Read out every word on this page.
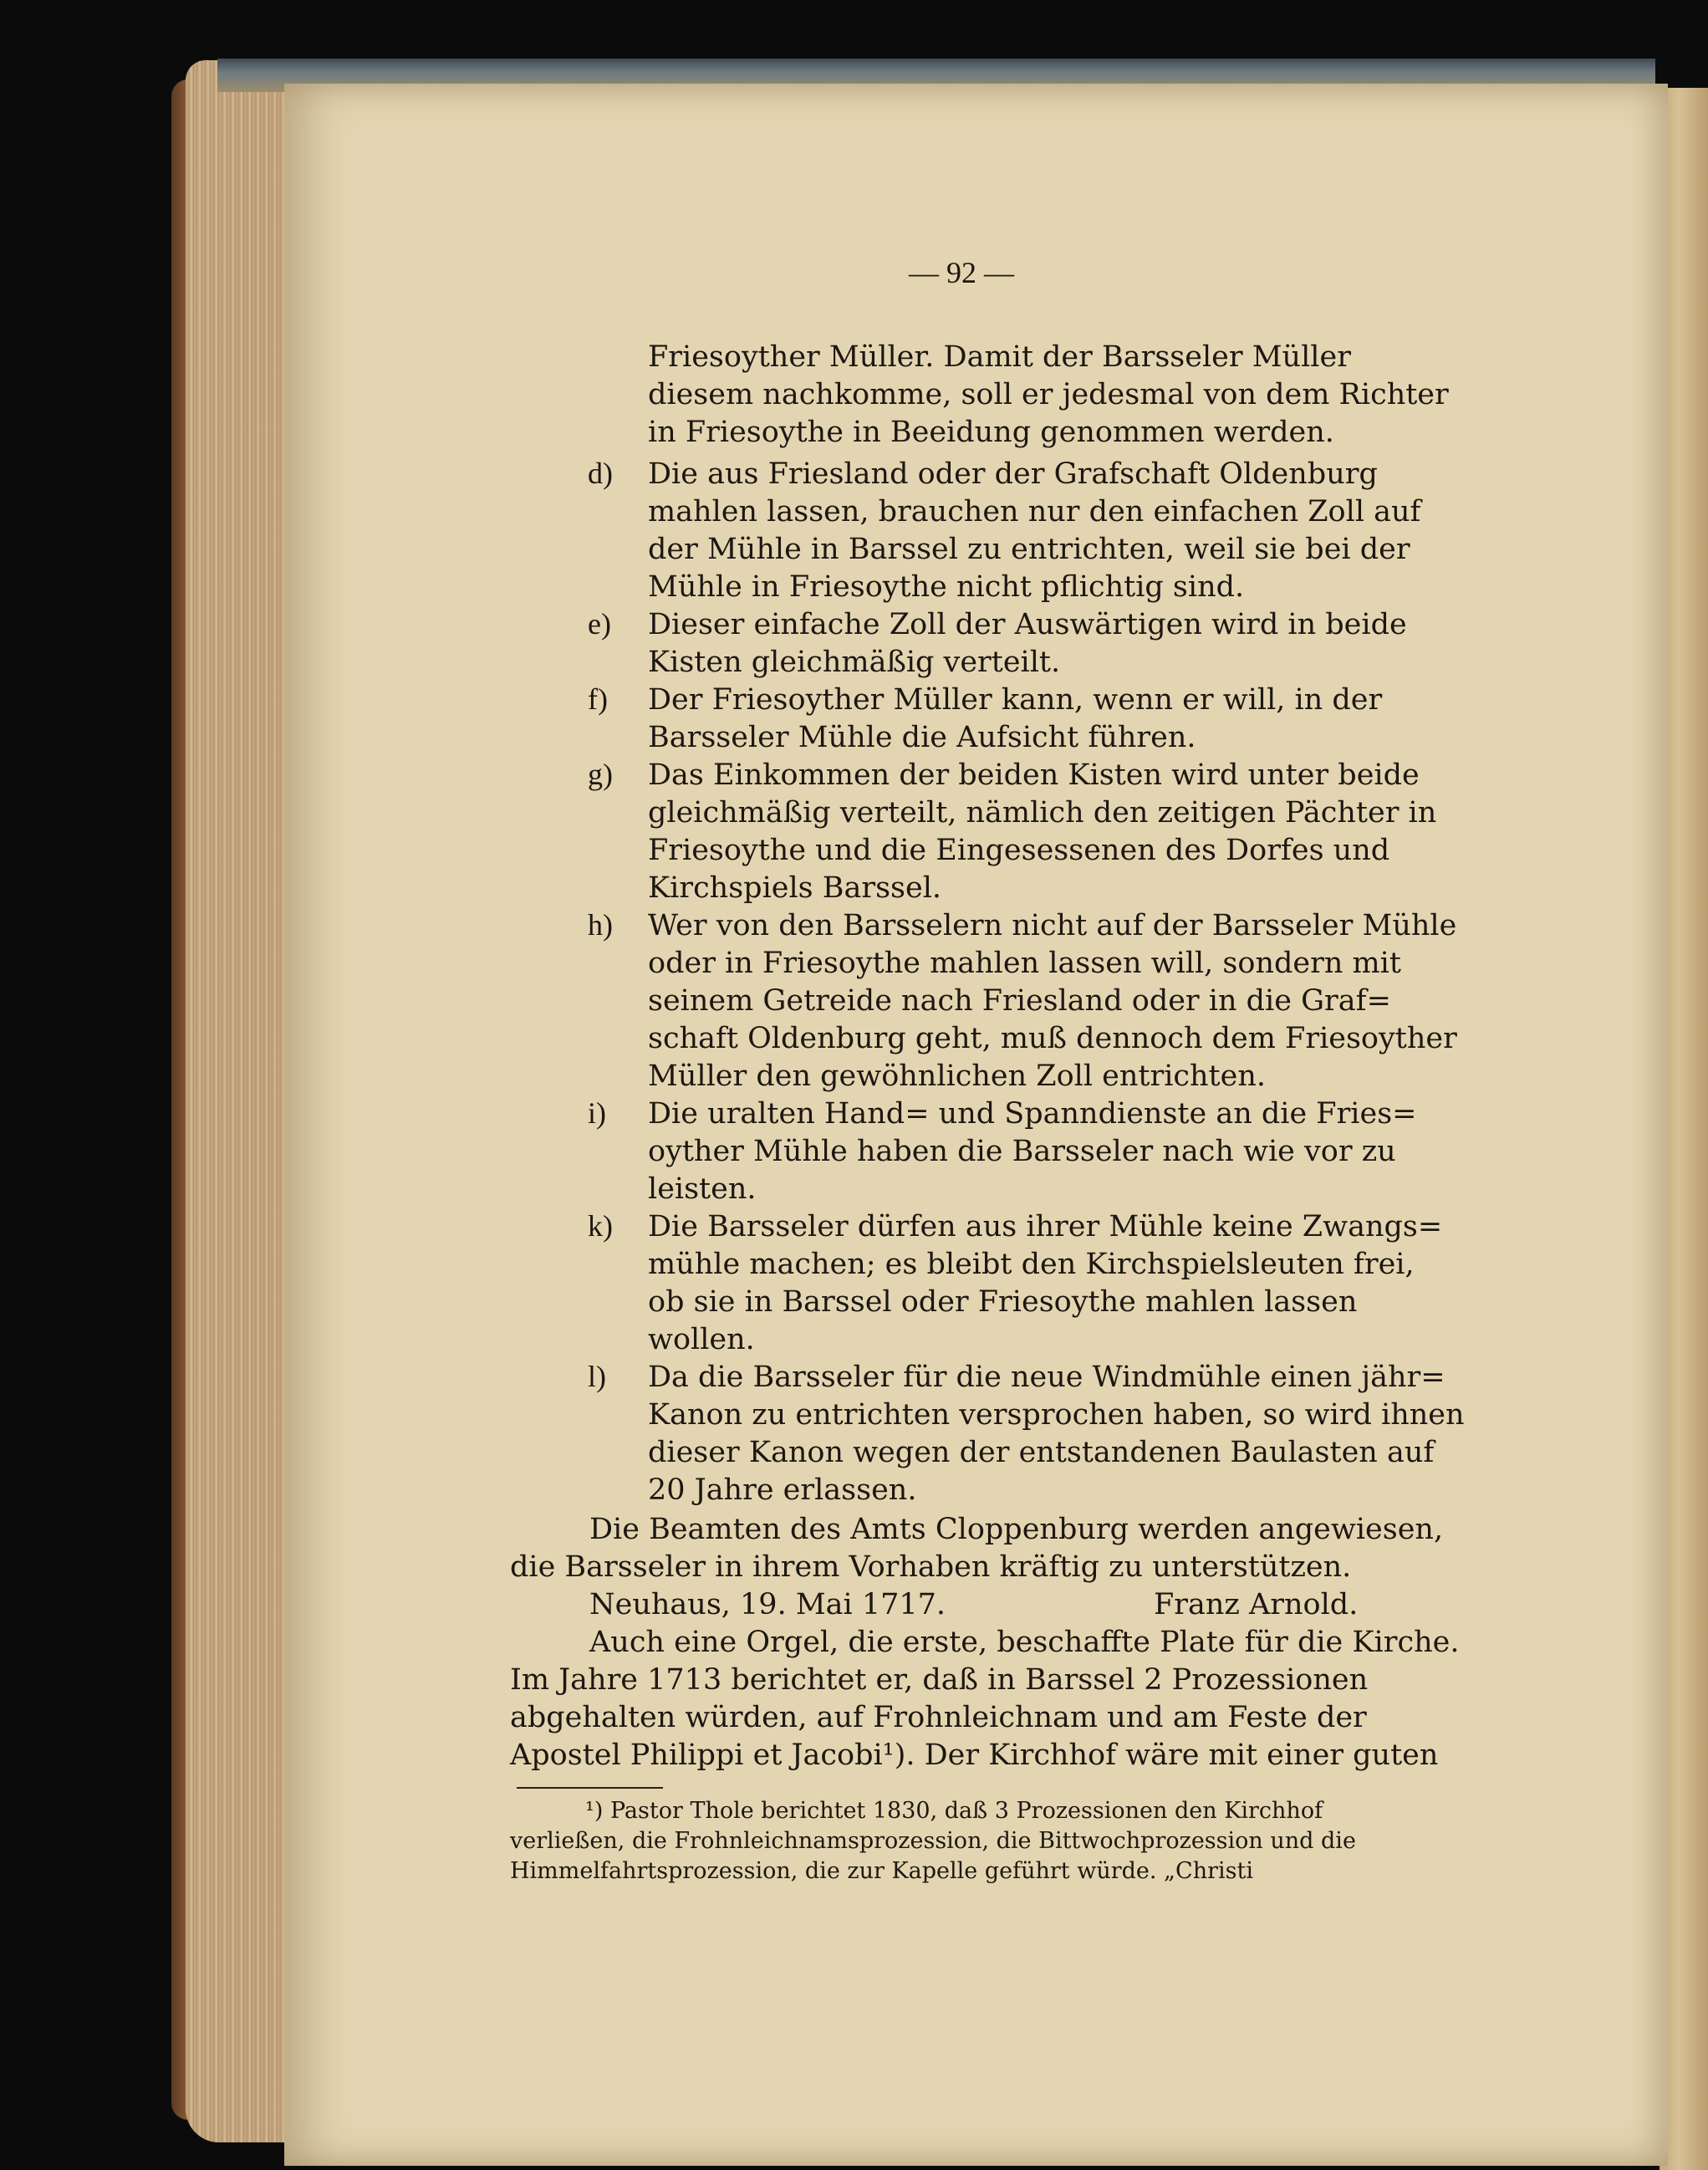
— 92 —
Friesoyther Müller. Damit der Barsseler Müller
diesem nachkomme, soll er jedesmal von dem Richter
in Friesoythe in Beeidung genommen werden.
d) Die aus Friesland oder der Grafschaft Oldenburg
mahlen lassen, brauchen nur den einfachen Zoll auf
der Mühle in Barssel zu entrichten, weil sie bei der
Mühle in Friesoythe nicht pflichtig sind.
e) Dieser einfache Zoll der Auswärtigen wird in beide
Kisten gleichmäßig verteilt.
f) Der Friesoyther Müller kann, wenn er will, in der
Barsseler Mühle die Aufsicht führen.
g) Das Einkommen der beiden Kisten wird unter beide
gleichmäßig verteilt, nämlich den zeitigen Pächter in
Friesoythe und die Eingesessenen des Dorfes und
Kirchspiels Barssel.
h) Wer von den Barsselern nicht auf der Barsseler Mühle
oder in Friesoythe mahlen lassen will, sondern mit
seinem Getreide nach Friesland oder in die Graf=
schaft Oldenburg geht, muß dennoch dem Friesoyther
Müller den gewöhnlichen Zoll entrichten.
i) Die uralten Hand= und Spanndienste an die Fries=
oyther Mühle haben die Barsseler nach wie vor zu
leisten.
k) Die Barsseler dürfen aus ihrer Mühle keine Zwangs=
mühle machen; es bleibt den Kirchspielsleuten frei,
ob sie in Barssel oder Friesoythe mahlen lassen
wollen.
l) Da die Barsseler für die neue Windmühle einen jähr=
Kanon zu entrichten versprochen haben, so wird ihnen
dieser Kanon wegen der entstandenen Baulasten auf
20 Jahre erlassen.
Die Beamten des Amts Cloppenburg werden angewiesen,
die Barsseler in ihrem Vorhaben kräftig zu unterstützen.
Neuhaus, 19. Mai 1717.	Franz Arnold.
Auch eine Orgel, die erste, beschaffte Plate für die Kirche.
Im Jahre 1713 berichtet er, daß in Barssel 2 Prozessionen
abgehalten würden, auf Frohnleichnam und am Feste der
Apostel Philippi et Jacobi¹). Der Kirchhof wäre mit einer guten
¹) Pastor Thole berichtet 1830, daß 3 Prozessionen den Kirchhof
verließen, die Frohnleichnamsprozession, die Bittwochprozession und die
Himmelfahrtsprozession, die zur Kapelle geführt würde. „Christi
